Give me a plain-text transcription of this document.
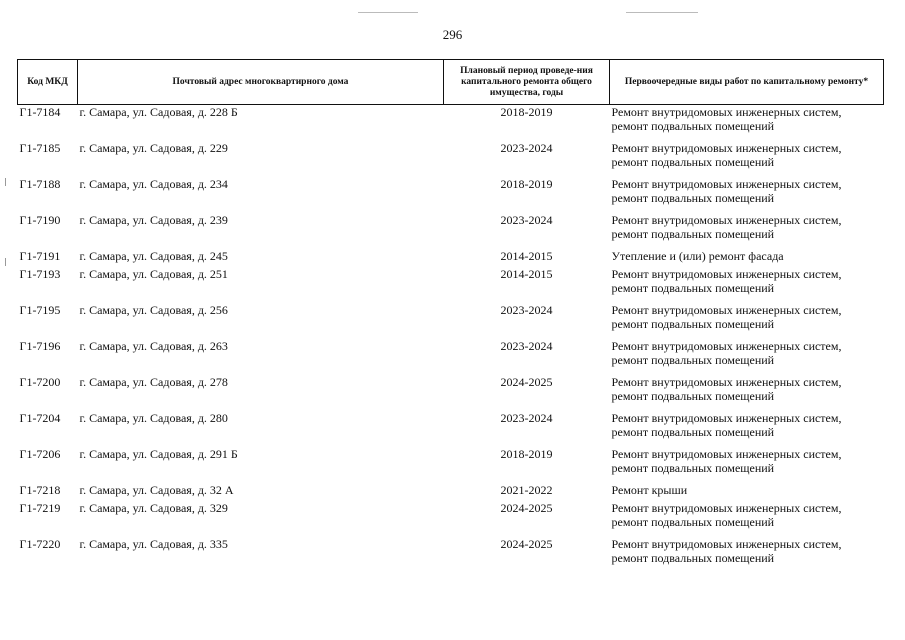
296
Код МКД	Почтовый адрес многоквартирного дома	Плановый период проведе-ния капитального ремонта общего имущества, годы	Первоочередные виды работ по капитальному ремонту*
Г1-7184	г. Самара, ул. Садовая, д. 228 Б	2018-2019	Ремонт внутридомовых инженерных систем,
ремонт подвальных помещений

Г1-7185	г. Самара, ул. Садовая, д. 229	2023-2024	Ремонт внутридомовых инженерных систем,
ремонт подвальных помещений

Г1-7188	г. Самара, ул. Садовая, д. 234	2018-2019	Ремонт внутридомовых инженерных систем,
ремонт подвальных помещений

Г1-7190	г. Самара, ул. Садовая, д. 239	2023-2024	Ремонт внутридомовых инженерных систем,
ремонт подвальных помещений

Г1-7191	г. Самара, ул. Садовая, д. 245	2014-2015	Утепление и (или) ремонт фасада

Г1-7193	г. Самара, ул. Садовая, д. 251	2014-2015	Ремонт внутридомовых инженерных систем,
ремонт подвальных помещений

Г1-7195	г. Самара, ул. Садовая, д. 256	2023-2024	Ремонт внутридомовых инженерных систем,
ремонт подвальных помещений

Г1-7196	г. Самара, ул. Садовая, д. 263	2023-2024	Ремонт внутридомовых инженерных систем,
ремонт подвальных помещений

Г1-7200	г. Самара, ул. Садовая, д. 278	2024-2025	Ремонт внутридомовых инженерных систем,
ремонт подвальных помещений

Г1-7204	г. Самара, ул. Садовая, д. 280	2023-2024	Ремонт внутридомовых инженерных систем,
ремонт подвальных помещений

Г1-7206	г. Самара, ул. Садовая, д. 291 Б	2018-2019	Ремонт внутридомовых инженерных систем,
ремонт подвальных помещений

Г1-7218	г. Самара, ул. Садовая, д. 32 А	2021-2022	Ремонт крыши

Г1-7219	г. Самара, ул. Садовая, д. 329	2024-2025	Ремонт внутридомовых инженерных систем,
ремонт подвальных помещений

Г1-7220	г. Самара, ул. Садовая, д. 335	2024-2025	Ремонт внутридомовых инженерных систем,
ремонт подвальных помещений
